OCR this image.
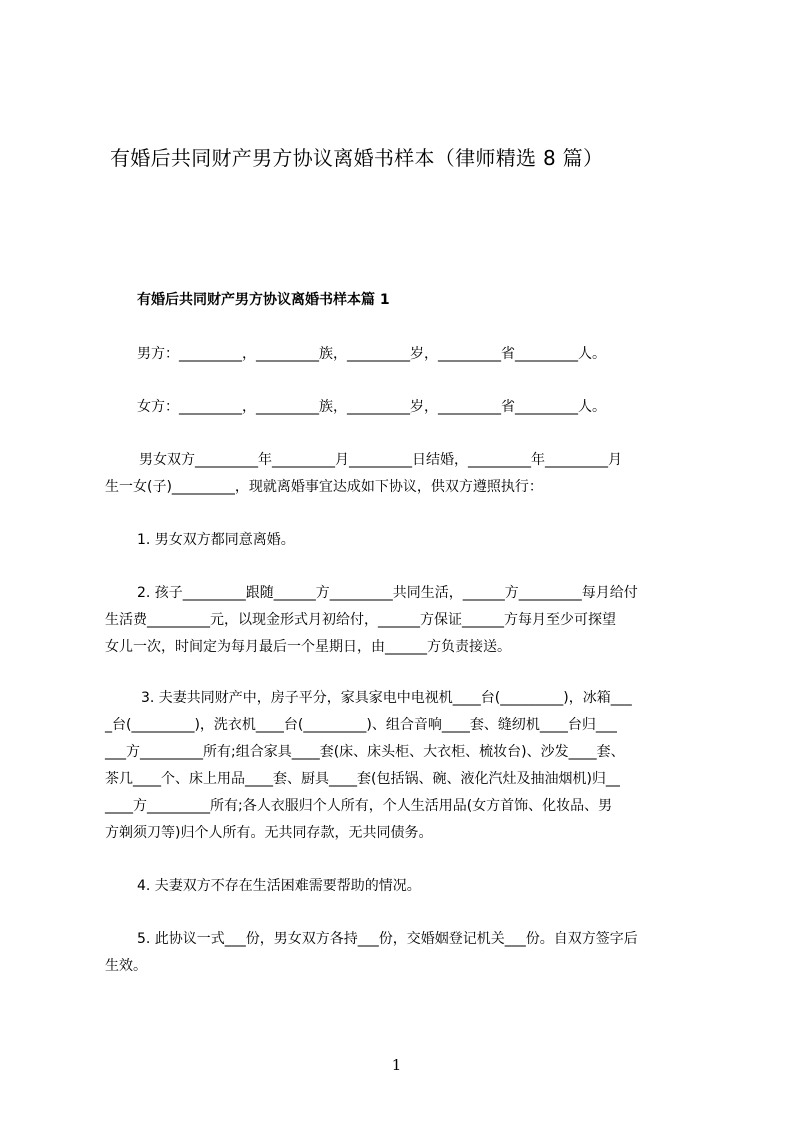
有婚后共同财产男方协议离婚书样本（律师精选 8 篇）
有婚后共同财产男方协议离婚书样本篇 1
男方：_________，_________族，_________岁，_________省_________人。
女方：_________，_________族，_________岁，_________省_________人。
男女双方_________年_________月_________日结婚，_________年_________月
生一女(子)_________，现就离婚事宜达成如下协议，供双方遵照执行：
1. 男女双方都同意离婚。
2. 孩子_________跟随______方_________共同生活，______方_________每月给付
生活费_________元，以现金形式月初给付，______方保证______方每月至少可探望
女儿一次，时间定为每月最后一个星期日，由______方负责接送。
3. 夫妻共同财产中，房子平分，家具家电中电视机____台(_________)，冰箱___
_台(_________)，洗衣机____台(_________)、组合音响____套、缝纫机____台归___
___方_________所有;组合家具____套(床、床头柜、大衣柜、梳妆台)、沙发____套、
茶几____个、床上用品____套、厨具____套(包括锅、碗、液化汽灶及抽油烟机)归__
____方_________所有;各人衣服归个人所有，个人生活用品(女方首饰、化妆品、男
方剃须刀等)归个人所有。无共同存款，无共同债务。
4. 夫妻双方不存在生活困难需要帮助的情况。
5. 此协议一式___份，男女双方各持___份，交婚姻登记机关___份。自双方签字后
生效。
1
